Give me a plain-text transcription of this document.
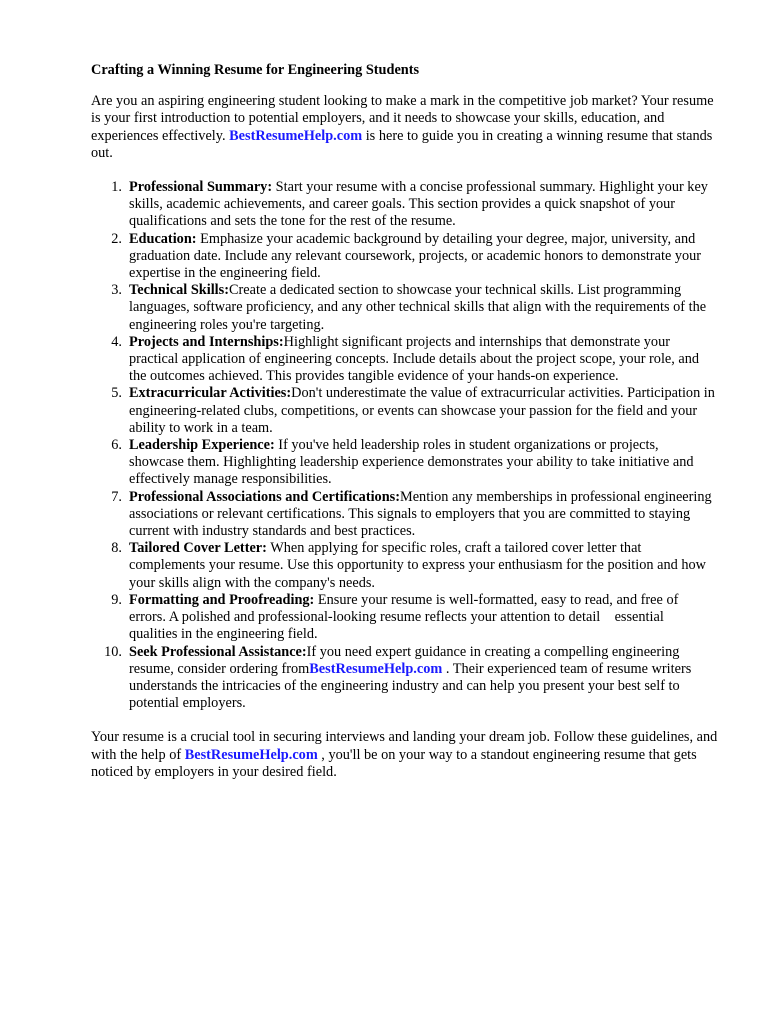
Crafting a Winning Resume for Engineering Students

Are you an aspiring engineering student looking to make a mark in the competitive job market? Your resume is your first introduction to potential employers, and it needs to showcase your skills, education, and experiences effectively. BestResumeHelp.com is here to guide you in creating a winning resume that stands out.

1. Professional Summary: Start your resume with a concise professional summary. Highlight your key skills, academic achievements, and career goals. This section provides a quick snapshot of your qualifications and sets the tone for the rest of the resume.
2. Education: Emphasize your academic background by detailing your degree, major, university, and graduation date. Include any relevant coursework, projects, or academic honors to demonstrate your expertise in the engineering field.
3. Technical Skills:Create a dedicated section to showcase your technical skills. List programming languages, software proficiency, and any other technical skills that align with the requirements of the engineering roles you're targeting.
4. Projects and Internships:Highlight significant projects and internships that demonstrate your practical application of engineering concepts. Include details about the project scope, your role, and the outcomes achieved. This provides tangible evidence of your hands-on experience.
5. Extracurricular Activities:Don't underestimate the value of extracurricular activities. Participation in engineering-related clubs, competitions, or events can showcase your passion for the field and your ability to work in a team.
6. Leadership Experience: If you've held leadership roles in student organizations or projects, showcase them. Highlighting leadership experience demonstrates your ability to take initiative and effectively manage responsibilities.
7. Professional Associations and Certifications:Mention any memberships in professional engineering associations or relevant certifications. This signals to employers that you are committed to staying current with industry standards and best practices.
8. Tailored Cover Letter: When applying for specific roles, craft a tailored cover letter that complements your resume. Use this opportunity to express your enthusiasm for the position and how your skills align with the company's needs.
9. Formatting and Proofreading: Ensure your resume is well-formatted, easy to read, and free of errors. A polished and professional-looking resume reflects your attention to detail    essential qualities in the engineering field.
10. Seek Professional Assistance:If you need expert guidance in creating a compelling engineering resume, consider ordering fromBestResumeHelp.com . Their experienced team of resume writers understands the intricacies of the engineering industry and can help you present your best self to potential employers.

Your resume is a crucial tool in securing interviews and landing your dream job. Follow these guidelines, and with the help of BestResumeHelp.com , you'll be on your way to a standout engineering resume that gets noticed by employers in your desired field.
